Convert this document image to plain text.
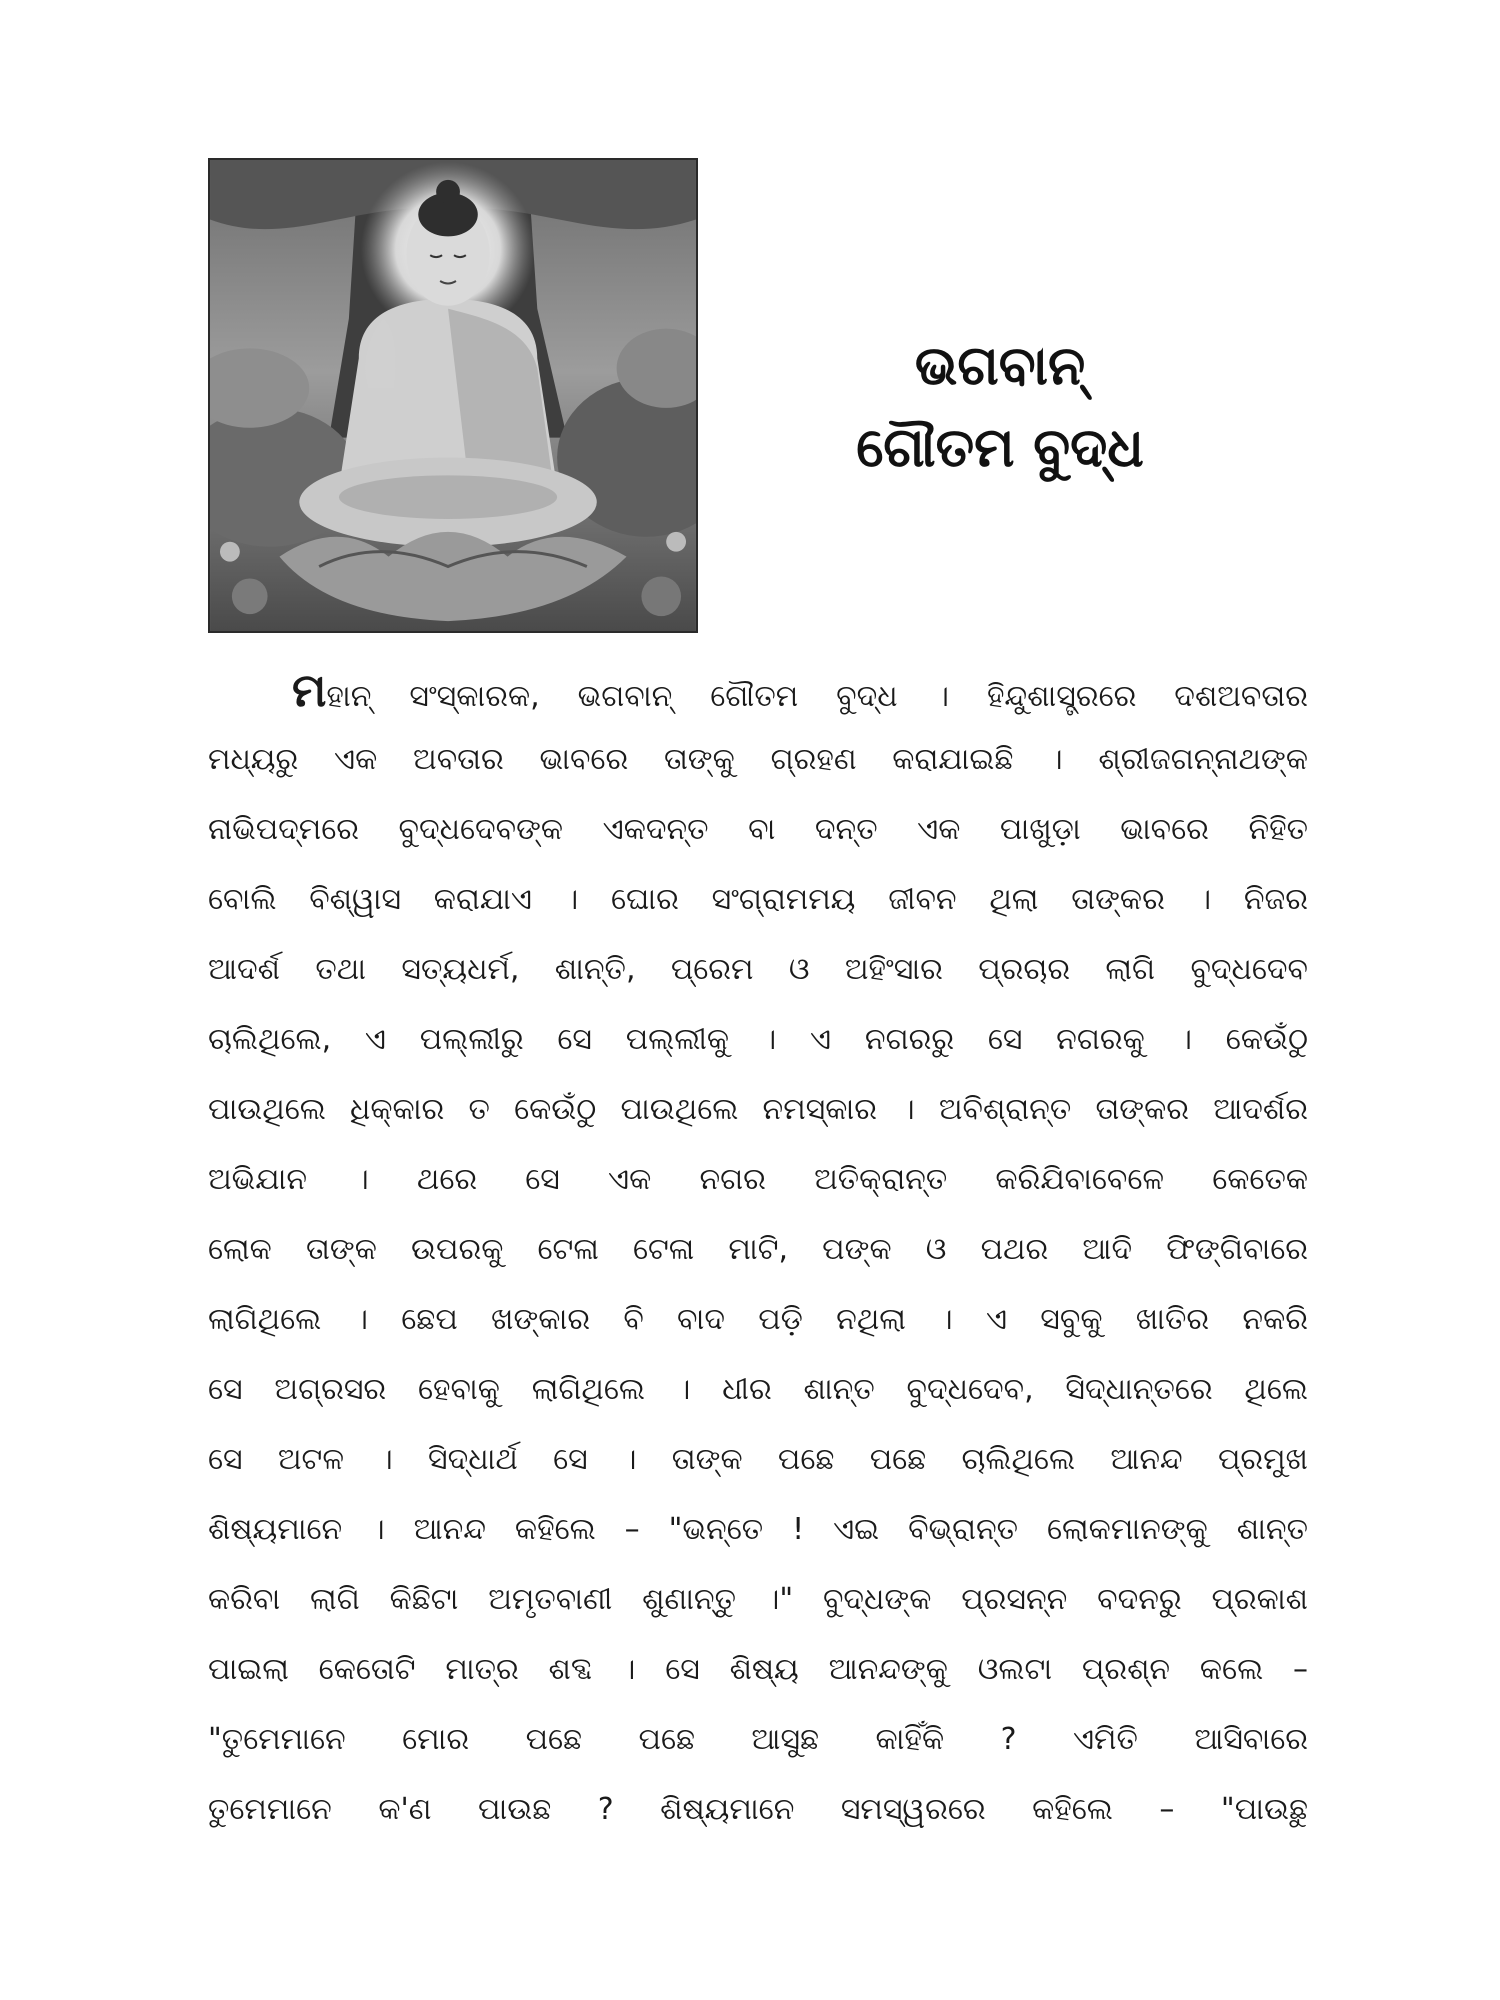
ଭଗବାନ୍
ଗୌତମ ବୁଦ୍ଧ
ମହାନ୍ ସଂସ୍କାରକ, ଭଗବାନ୍ ଗୌତମ ବୁଦ୍ଧ । ହିନ୍ଦୁଶାସ୍ତ୍ରରେ ଦଶଅବତାର
ମଧ୍ୟରୁ ଏକ ଅବତାର ଭାବରେ ତାଙ୍କୁ ଗ୍ରହଣ କରାଯାଇଛି । ଶ୍ରୀଜଗନ୍ନାଥଙ୍କ
ନାଭିପଦ୍ମରେ ବୁଦ୍ଧଦେବଙ୍କ ଏକଦନ୍ତ ବା ଦନ୍ତ ଏକ ପାଖୁଡ଼ା ଭାବରେ ନିହିତ
ବୋଲି ବିଶ୍ୱାସ କରାଯାଏ । ଘୋର ସଂଗ୍ରାମମୟ ଜୀବନ ଥିଲା ତାଙ୍କର । ନିଜର
ଆଦର୍ଶ ତଥା ସତ୍ୟଧର୍ମ, ଶାନ୍ତି, ପ୍ରେମ ଓ ଅହିଂସାର ପ୍ରଚାର ଲାଗି ବୁଦ୍ଧଦେବ
ଚାଲିଥିଲେ, ଏ ପଲ୍ଲୀରୁ ସେ ପଲ୍ଲୀକୁ । ଏ ନଗରରୁ ସେ ନଗରକୁ । କେଉଁଠୁ
ପାଉଥିଲେ ଧିକ୍କାର ତ କେଉଁଠୁ ପାଉଥିଲେ ନମସ୍କାର । ଅବିଶ୍ରାନ୍ତ ତାଙ୍କର ଆଦର୍ଶର
ଅଭିଯାନ । ଥରେ ସେ ଏକ ନଗର ଅତିକ୍ରାନ୍ତ କରିଯିବାବେଳେ କେତେକ
ଲୋକ ତାଙ୍କ ଉପରକୁ ଟେଳା ଟେଳା ମାଟି, ପଙ୍କ ଓ ପଥର ଆଦି ଫିଙ୍ଗିବାରେ
ଲାଗିଥିଲେ । ଛେପ ଖଙ୍କାର ବି ବାଦ ପଡ଼ି ନଥିଲା । ଏ ସବୁକୁ ଖାତିର ନକରି
ସେ ଅଗ୍ରସର ହେବାକୁ ଲାଗିଥିଲେ । ଧୀର ଶାନ୍ତ ବୁଦ୍ଧଦେବ, ସିଦ୍ଧାନ୍ତରେ ଥିଲେ
ସେ ଅଟଳ । ସିଦ୍ଧାର୍ଥ ସେ । ତାଙ୍କ ପଛେ ପଛେ ଚାଲିଥିଲେ ଆନନ୍ଦ ପ୍ରମୁଖ
ଶିଷ୍ୟମାନେ । ଆନନ୍ଦ କହିଲେ – "ଭନ୍ତେ ! ଏଇ ବିଭ୍ରାନ୍ତ ଲୋକମାନଙ୍କୁ ଶାନ୍ତ
କରିବା ଲାଗି କିଛିଟା ଅମୃତବାଣୀ ଶୁଣାନ୍ତୁ ।" ବୁଦ୍ଧଙ୍କ ପ୍ରସନ୍ନ ବଦନରୁ ପ୍ରକାଶ
ପାଇଲା କେତୋଟି ମାତ୍ର ଶବ୍ଦ । ସେ ଶିଷ୍ୟ ଆନନ୍ଦଙ୍କୁ ଓଲଟା ପ୍ରଶ୍ନ କଲେ –
"ତୁମେମାନେ ମୋର ପଛେ ପଛେ ଆସୁଛ କାହିଁକି ? ଏମିତି ଆସିବାରେ
ତୁମେମାନେ କ'ଣ ପାଉଛ ? ଶିଷ୍ୟମାନେ ସମସ୍ୱରରେ କହିଲେ – "ପାଉଛୁ
